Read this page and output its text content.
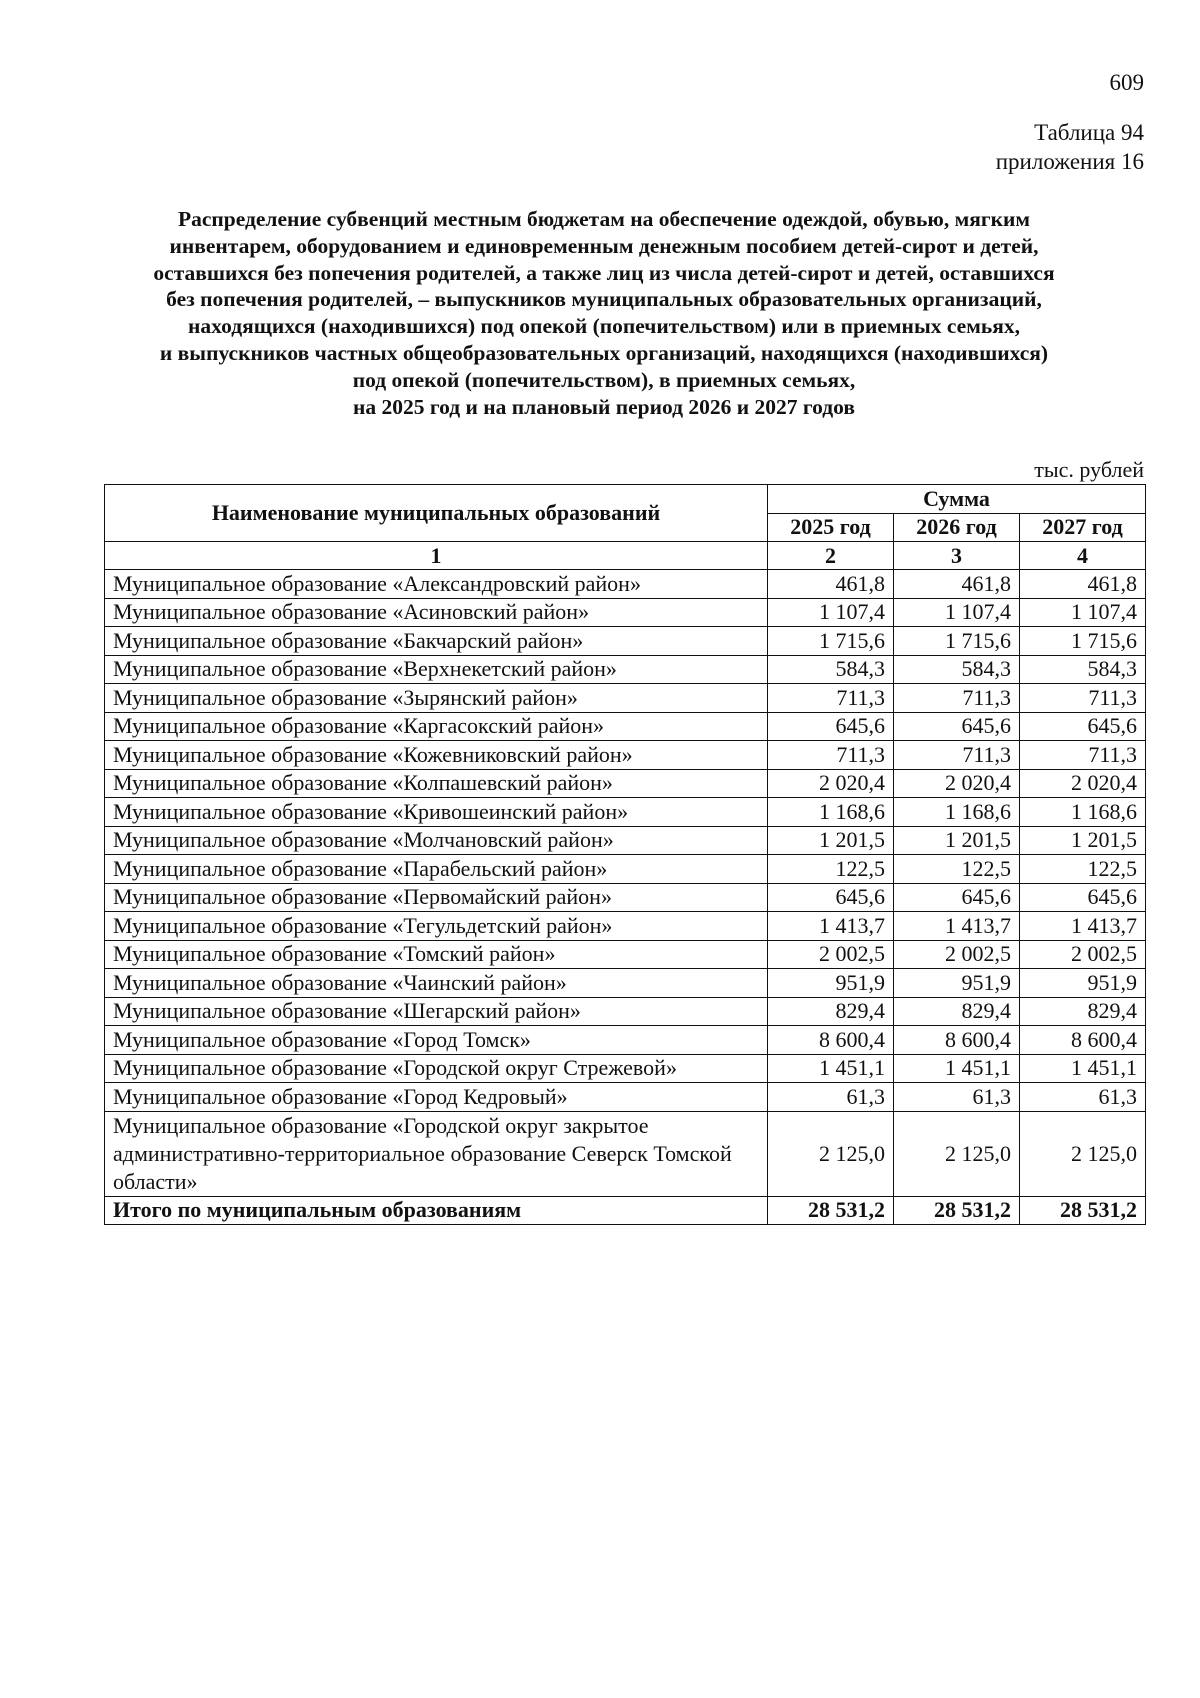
609
Таблица 94
приложения 16
Распределение субвенций местным бюджетам на обеспечение одеждой, обувью, мягким
инвентарем, оборудованием и единовременным денежным пособием детей-сирот и детей,
оставшихся без попечения родителей, а также лиц из числа детей-сирот и детей, оставшихся
без попечения родителей, – выпускников муниципальных образовательных организаций,
находящихся (находившихся) под опекой (попечительством) или в приемных семьях,
и выпускников частных общеобразовательных организаций, находящихся (находившихся)
под опекой (попечительством), в приемных семьях,
на 2025 год и на плановый период 2026 и 2027 годов
тыс. рублей
Наименование муниципальных образований	Сумма		
	2025 год	2026 год	2027 год
1	2	3	4
Муниципальное образование «Александровский район»	461,8	461,8	461,8
Муниципальное образование «Асиновский район»	1 107,4	1 107,4	1 107,4
Муниципальное образование «Бакчарский район»	1 715,6	1 715,6	1 715,6
Муниципальное образование «Верхнекетский район»	584,3	584,3	584,3
Муниципальное образование «Зырянский район»	711,3	711,3	711,3
Муниципальное образование «Каргасокский район»	645,6	645,6	645,6
Муниципальное образование «Кожевниковский район»	711,3	711,3	711,3
Муниципальное образование «Колпашевский район»	2 020,4	2 020,4	2 020,4
Муниципальное образование «Кривошеинский район»	1 168,6	1 168,6	1 168,6
Муниципальное образование «Молчановский район»	1 201,5	1 201,5	1 201,5
Муниципальное образование «Парабельский район»	122,5	122,5	122,5
Муниципальное образование «Первомайский район»	645,6	645,6	645,6
Муниципальное образование «Тегульдетский район»	1 413,7	1 413,7	1 413,7
Муниципальное образование «Томский район»	2 002,5	2 002,5	2 002,5
Муниципальное образование «Чаинский район»	951,9	951,9	951,9
Муниципальное образование «Шегарский район»	829,4	829,4	829,4
Муниципальное образование «Город Томск»	8 600,4	8 600,4	8 600,4
Муниципальное образование «Городской округ Стрежевой»	1 451,1	1 451,1	1 451,1
Муниципальное образование «Город Кедровый»	61,3	61,3	61,3
Муниципальное образование «Городской округ закрытое административно-территориальное образование Северск Томской области»	2 125,0	2 125,0	2 125,0
Итого по муниципальным образованиям	28 531,2	28 531,2	28 531,2
